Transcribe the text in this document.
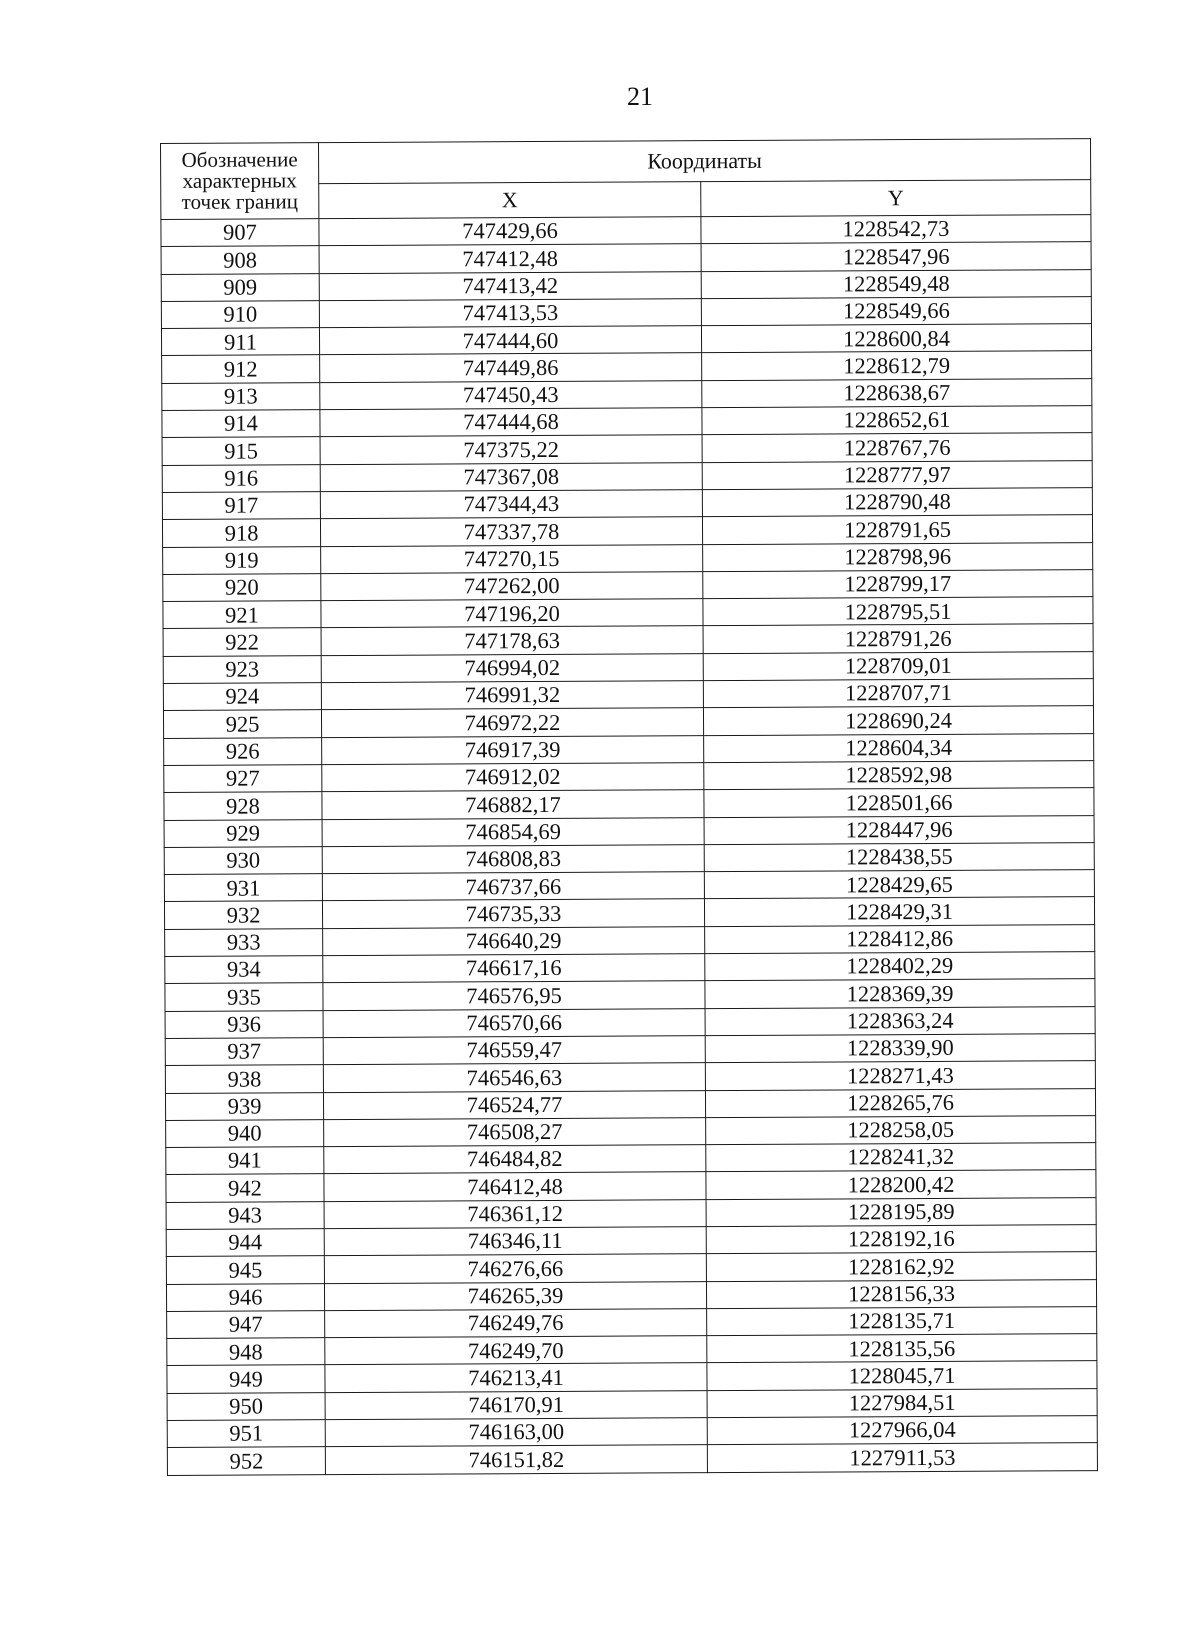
21
Обозначение характерных точек границ	Координаты	
	X	Y
907	747429,66	1228542,73
908	747412,48	1228547,96
909	747413,42	1228549,48
910	747413,53	1228549,66
911	747444,60	1228600,84
912	747449,86	1228612,79
913	747450,43	1228638,67
914	747444,68	1228652,61
915	747375,22	1228767,76
916	747367,08	1228777,97
917	747344,43	1228790,48
918	747337,78	1228791,65
919	747270,15	1228798,96
920	747262,00	1228799,17
921	747196,20	1228795,51
922	747178,63	1228791,26
923	746994,02	1228709,01
924	746991,32	1228707,71
925	746972,22	1228690,24
926	746917,39	1228604,34
927	746912,02	1228592,98
928	746882,17	1228501,66
929	746854,69	1228447,96
930	746808,83	1228438,55
931	746737,66	1228429,65
932	746735,33	1228429,31
933	746640,29	1228412,86
934	746617,16	1228402,29
935	746576,95	1228369,39
936	746570,66	1228363,24
937	746559,47	1228339,90
938	746546,63	1228271,43
939	746524,77	1228265,76
940	746508,27	1228258,05
941	746484,82	1228241,32
942	746412,48	1228200,42
943	746361,12	1228195,89
944	746346,11	1228192,16
945	746276,66	1228162,92
946	746265,39	1228156,33
947	746249,76	1228135,71
948	746249,70	1228135,56
949	746213,41	1228045,71
950	746170,91	1227984,51
951	746163,00	1227966,04
952	746151,82	1227911,53
